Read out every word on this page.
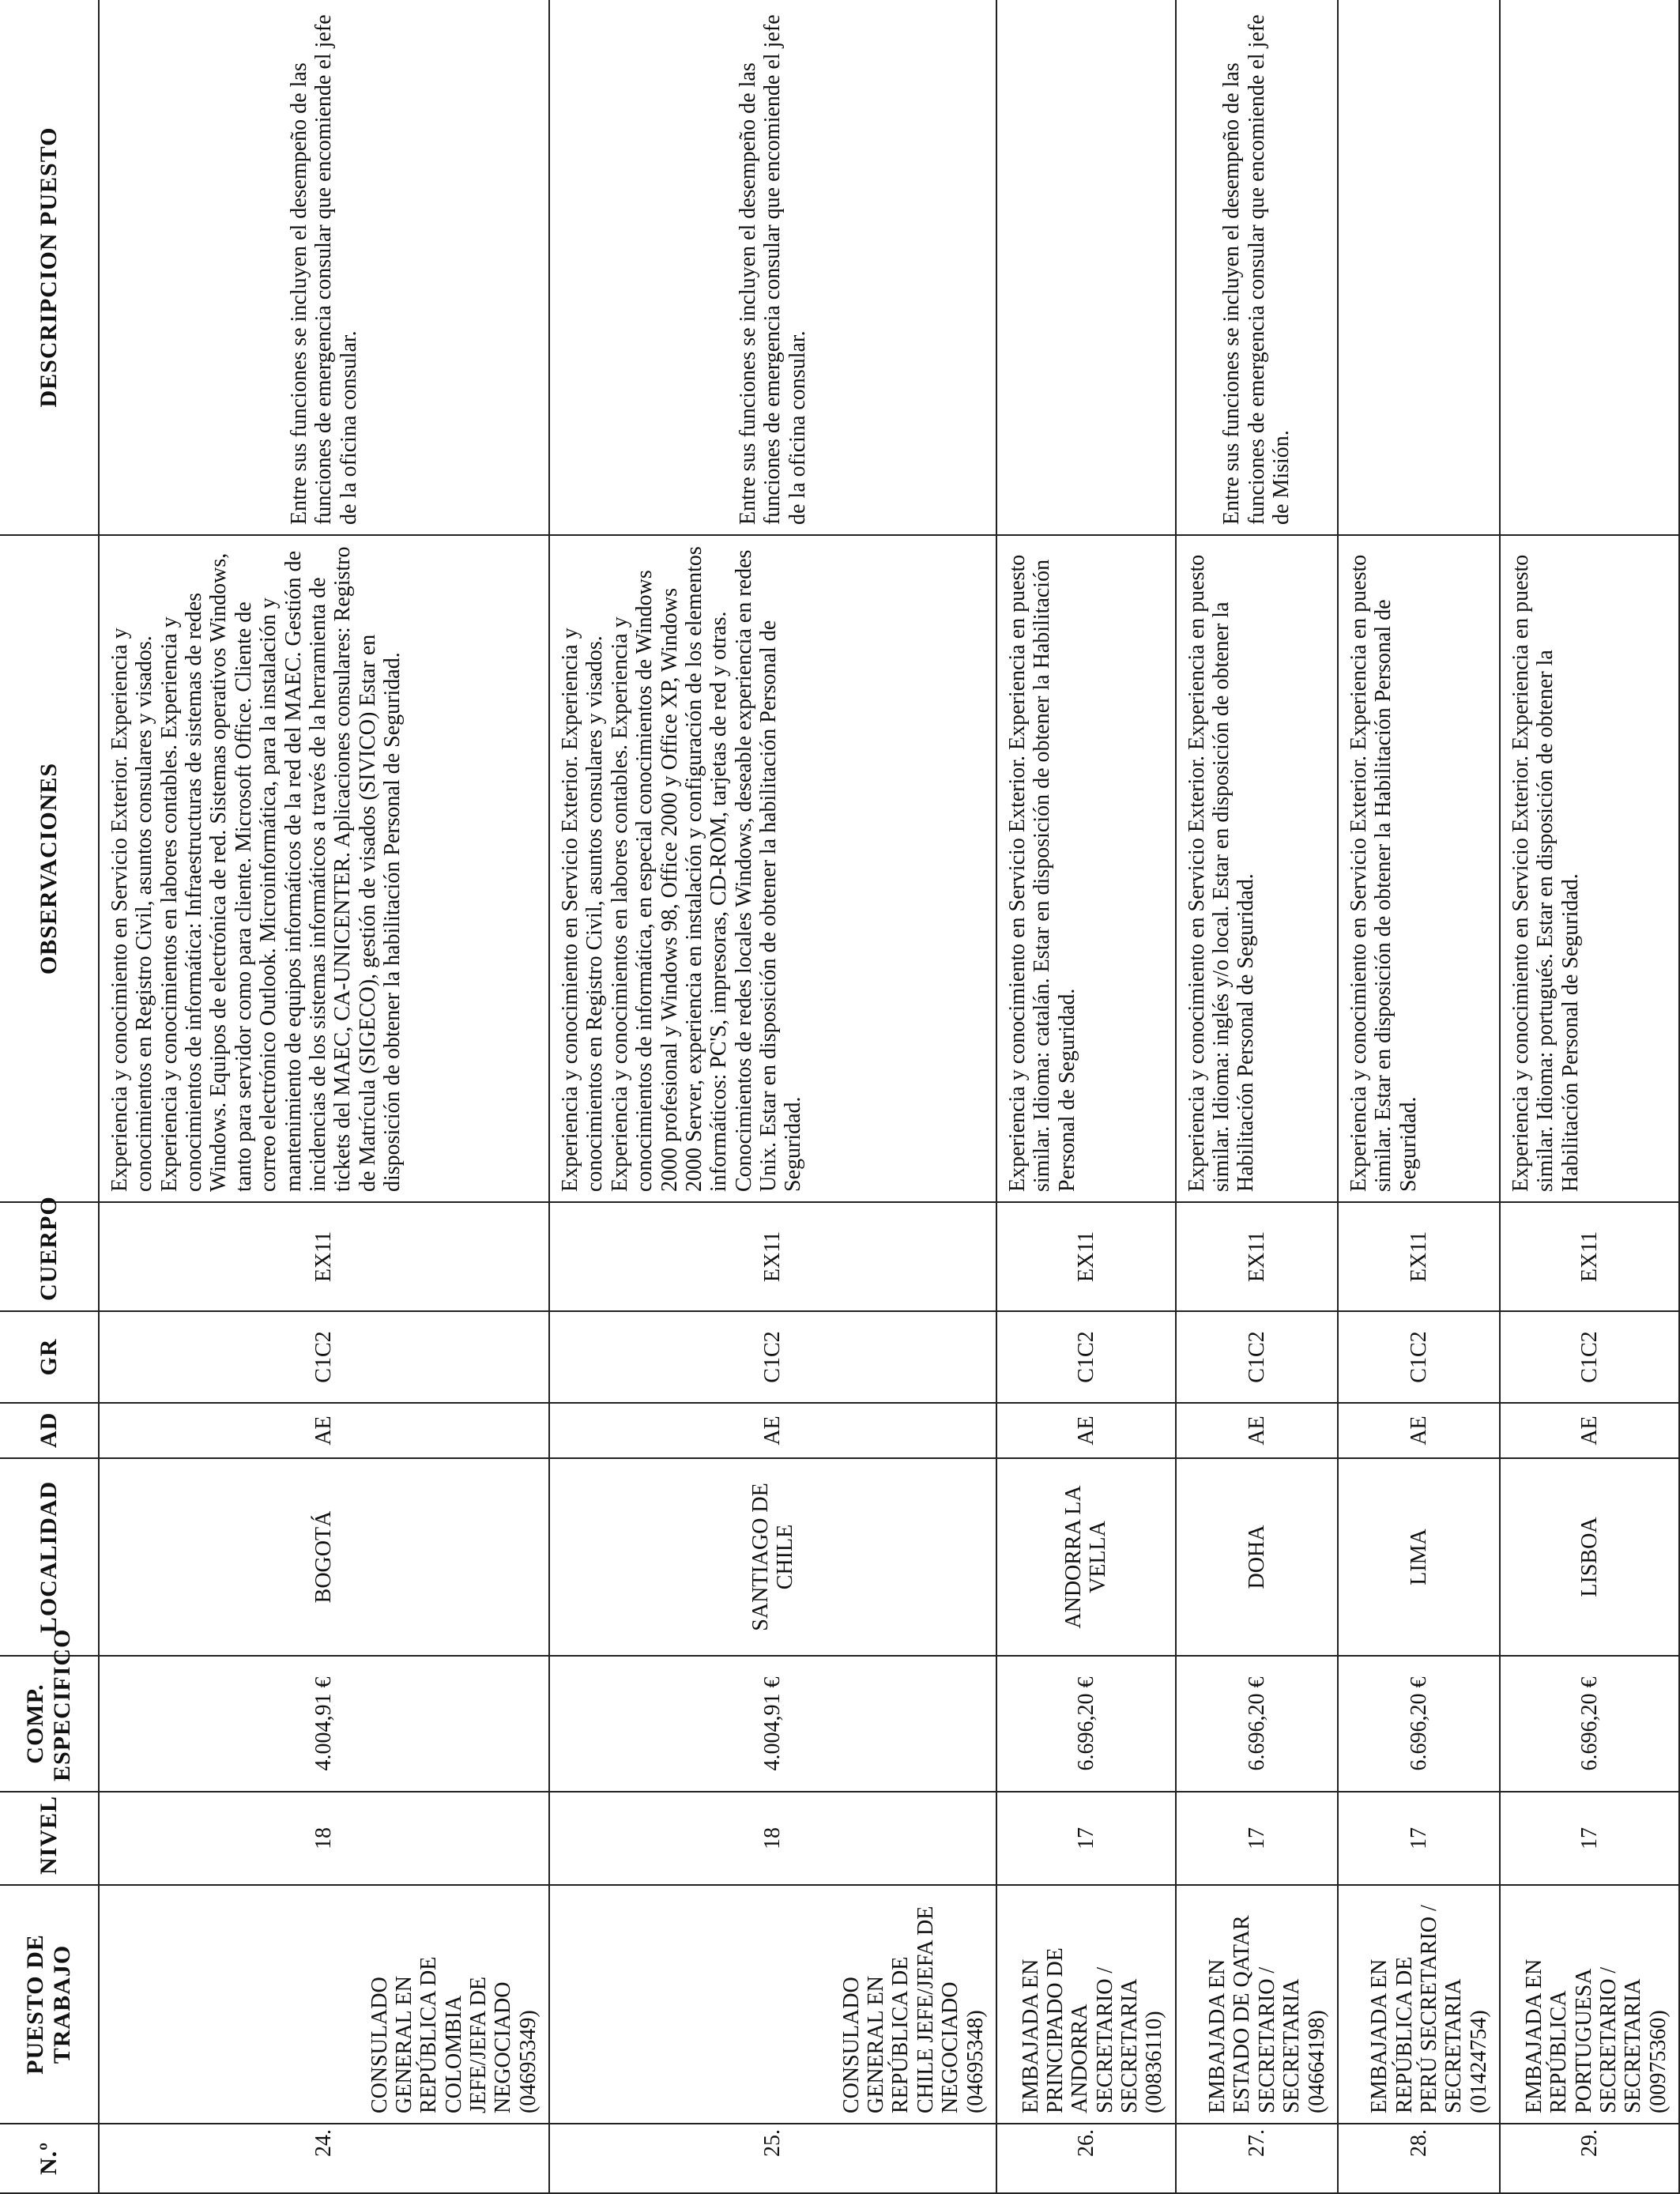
N.º	PUESTO DE TRABAJO	NIVEL	COMP. ESPECIFICO	LOCALIDAD	AD	GR	CUERPO	OBSERVACIONES	DESCRIPCION PUESTO
24.	CONSULADO GENERAL EN REPÚBLICA DE COLOMBIA JEFE/JEFA DE NEGOCIADO (04695349)	18	4.004,91 €	BOGOTÁ	AE	C1C2	EX11	Experiencia y conocimiento en Servicio Exterior. Experiencia y conocimientos en Registro Civil, asuntos consulares y visados. Experiencia y conocimientos en labores contables. Experiencia y conocimientos de informática: Infraestructuras de sistemas de redes Windows. Equipos de electrónica de red. Sistemas operativos Windows, tanto para servidor como para cliente. Microsoft Office. Cliente de correo electrónico Outlook. Microinformática, para la instalación y mantenimiento de equipos informáticos de la red del MAEC. Gestión de incidencias de los sistemas informáticos a través de la herramienta de tickets del MAEC, CA-UNICENTER. Aplicaciones consulares: Registro de Matrícula (SIGECO), gestión de visados (SIVICO) Estar en disposición de obtener la habilitación Personal de Seguridad.	Entre sus funciones se incluyen el desempeño de las funciones de emergencia consular que encomiende el jefe de la oficina consular.
25.	CONSULADO GENERAL EN REPÚBLICA DE CHILE JEFE/JEFA DE NEGOCIADO (04695348)	18	4.004,91 €	SANTIAGO DE CHILE	AE	C1C2	EX11	Experiencia y conocimiento en Servicio Exterior. Experiencia y conocimientos en Registro Civil, asuntos consulares y visados. Experiencia y conocimientos en labores contables. Experiencia y conocimientos de informática, en especial conocimientos de Windows 2000 profesional y Windows 98, Office 2000 y Office XP, Windows 2000 Server, experiencia en instalación y configuración de los elementos informáticos: PC'S, impresoras, CD-ROM, tarjetas de red y otras. Conocimientos de redes locales Windows, deseable experiencia en redes Unix. Estar en disposición de obtener la habilitación Personal de Seguridad.	Entre sus funciones se incluyen el desempeño de las funciones de emergencia consular que encomiende el jefe de la oficina consular.
26.	EMBAJADA EN PRINCIPADO DE ANDORRA SECRETARIO / SECRETARIA (00836110)	17	6.696,20 €	ANDORRA LA VELLA	AE	C1C2	EX11	Experiencia y conocimiento en Servicio Exterior. Experiencia en puesto similar. Idioma: catalán. Estar en disposición de obtener la Habilitación Personal de Seguridad.	
27.	EMBAJADA EN ESTADO DE QATAR SECRETARIO / SECRETARIA (04664198)	17	6.696,20 €	DOHA	AE	C1C2	EX11	Experiencia y conocimiento en Servicio Exterior. Experiencia en puesto similar. Idioma: inglés y/o local. Estar en disposición de obtener la Habilitación Personal de Seguridad.	Entre sus funciones se incluyen el desempeño de las funciones de emergencia consular que encomiende el jefe de Misión.
28.	EMBAJADA EN REPÚBLICA DE PERÚ SECRETARIO / SECRETARIA (01424754)	17	6.696,20 €	LIMA	AE	C1C2	EX11	Experiencia y conocimiento en Servicio Exterior. Experiencia en puesto similar. Estar en disposición de obtener la Habilitación Personal de Seguridad.	
29.	EMBAJADA EN REPÚBLICA PORTUGUESA SECRETARIO / SECRETARIA (00975360)	17	6.696,20 €	LISBOA	AE	C1C2	EX11	Experiencia y conocimiento en Servicio Exterior. Experiencia en puesto similar. Idioma: portugués. Estar en disposición de obtener la Habilitación Personal de Seguridad.	
